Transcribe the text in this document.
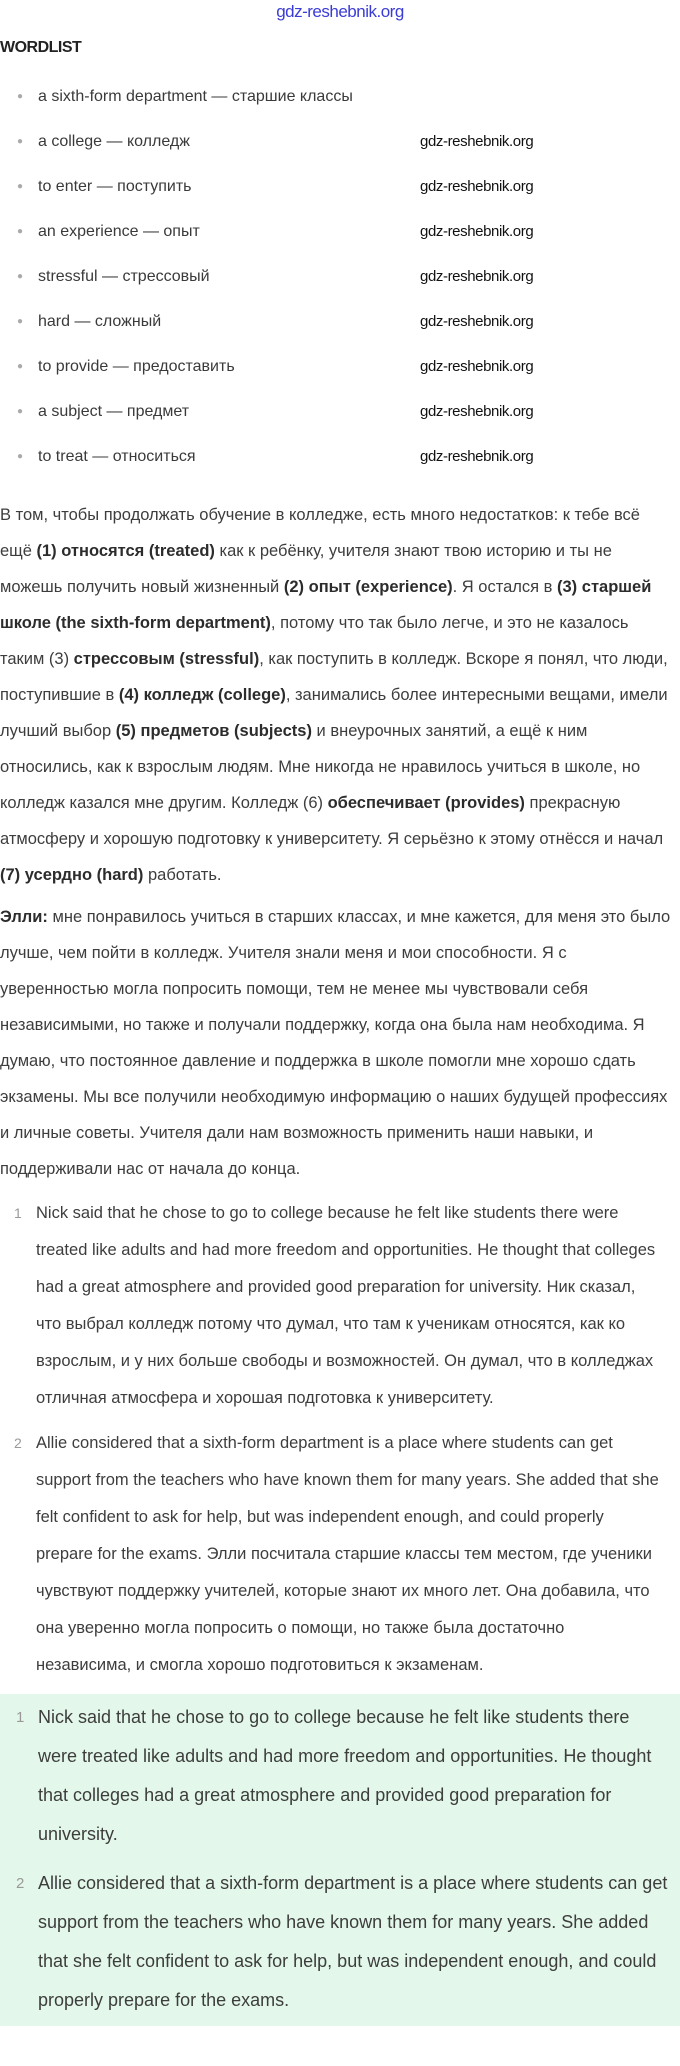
gdz-reshebnik.org
WORDLIST
● a sixth-form department — старшие классы
● a college — колледж	gdz-reshebnik.org
● to enter — поступить	gdz-reshebnik.org
● an experience — опыт	gdz-reshebnik.org
● stressful — стрессовый	gdz-reshebnik.org
● hard — сложный	gdz-reshebnik.org
● to provide — предоставить	gdz-reshebnik.org
● a subject — предмет	gdz-reshebnik.org
● to treat — относиться	gdz-reshebnik.org

В том, чтобы продолжать обучение в колледже, есть много недостатков: к тебе всё ещё (1) относятся (treated) как к ребёнку, учителя знают твою историю и ты не можешь получить новый жизненный (2) опыт (experience). Я остался в (3) старшей школе (the sixth-form department), потому что так было легче, и это не казалось таким (3) стрессовым (stressful), как поступить в колледж. Вскоре я понял, что люди, поступившие в (4) колледж (college), занимались более интересными вещами, имели лучший выбор (5) предметов (subjects) и внеурочных занятий, а ещё к ним относились, как к взрослым людям. Мне никогда не нравилось учиться в школе, но колледж казался мне другим. Колледж (6) обеспечивает (provides) прекрасную атмосферу и хорошую подготовку к университету. Я серьёзно к этому отнёсся и начал (7) усердно (hard) работать.

Элли: мне понравилось учиться в старших классах, и мне кажется, для меня это было лучше, чем пойти в колледж. Учителя знали меня и мои способности. Я с уверенностью могла попросить помощи, тем не менее мы чувствовали себя независимыми, но также и получали поддержку, когда она была нам необходима. Я думаю, что постоянное давление и поддержка в школе помогли мне хорошо сдать экзамены. Мы все получили необходимую информацию о наших будущей профессиях и личные советы. Учителя дали нам возможность применить наши навыки, и поддерживали нас от начала до конца.

1 Nick said that he chose to go to college because he felt like students there were treated like adults and had more freedom and opportunities. He thought that colleges had a great atmosphere and provided good preparation for university. Ник сказал, что выбрал колледж потому что думал, что там к ученикам относятся, как ко взрослым, и у них больше свободы и возможностей. Он думал, что в колледжах отличная атмосфера и хорошая подготовка к университету.
2 Allie considered that a sixth-form department is a place where students can get support from the teachers who have known them for many years. She added that she felt confident to ask for help, but was independent enough, and could properly prepare for the exams. Элли посчитала старшие классы тем местом, где ученики чувствуют поддержку учителей, которые знают их много лет. Она добавила, что она уверенно могла попросить о помощи, но также была достаточно независима, и смогла хорошо подготовиться к экзаменам.
1 Nick said that he chose to go to college because he felt like students there were treated like adults and had more freedom and opportunities. He thought that colleges had a great atmosphere and provided good preparation for university.
2 Allie considered that a sixth-form department is a place where students can get support from the teachers who have known them for many years. She added that she felt confident to ask for help, but was independent enough, and could properly prepare for the exams.
